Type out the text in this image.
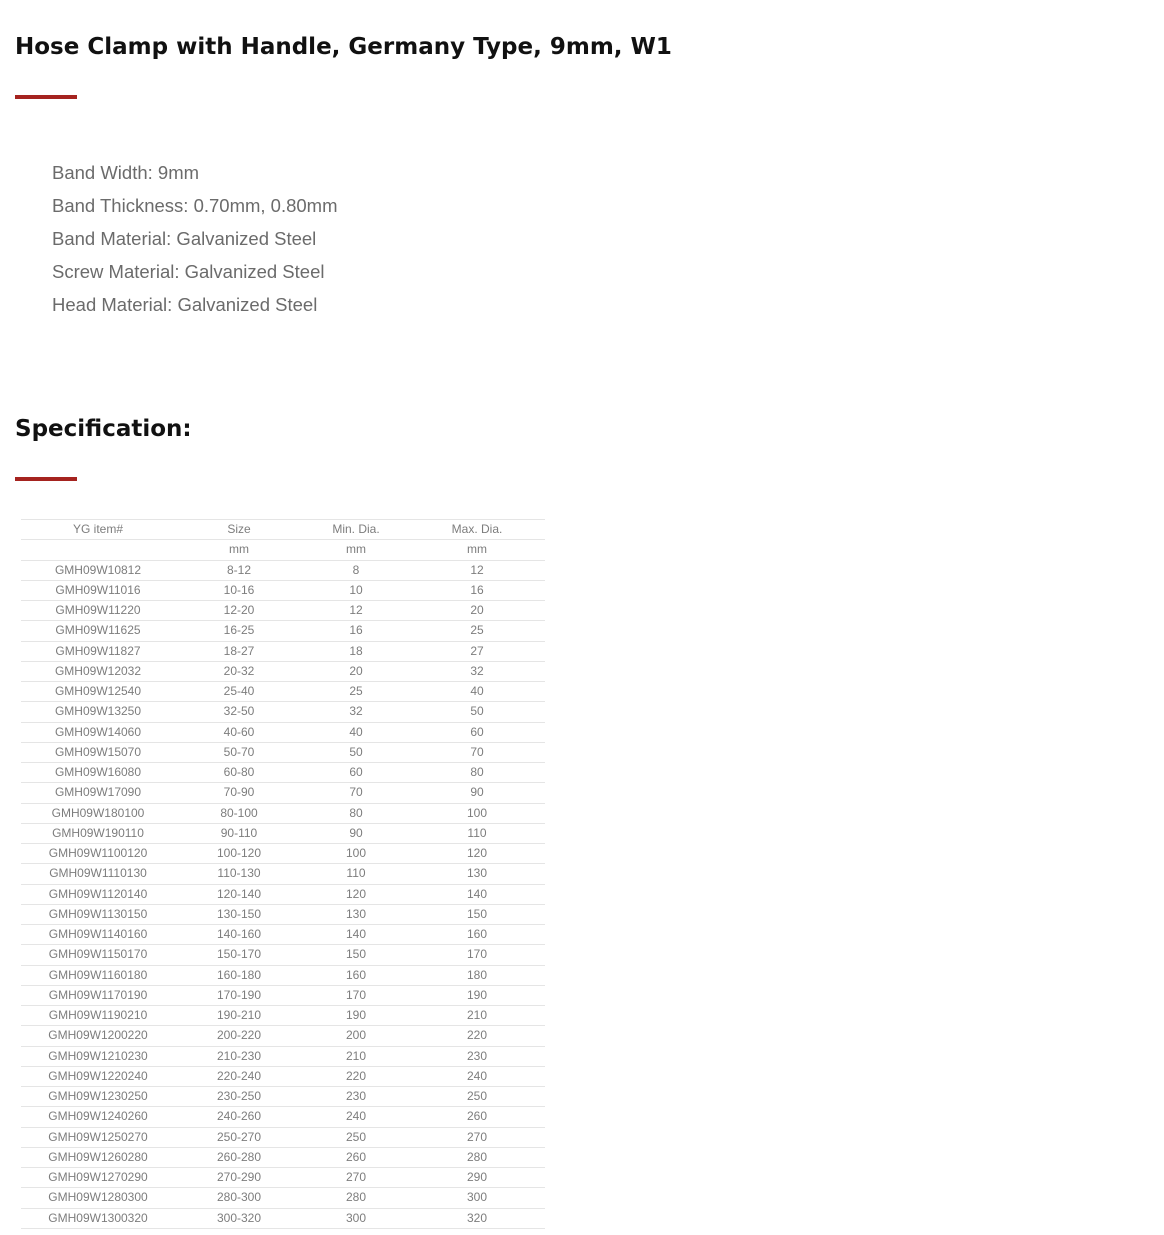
Hose Clamp with Handle, Germany Type, 9mm, W1
Band Width: 9mm
Band Thickness: 0.70mm, 0.80mm
Band Material: Galvanized Steel
Screw Material: Galvanized Steel
Head Material: Galvanized Steel
Specification:
YG item#	Size	Min. Dia.	Max. Dia.
	mm	mm	mm
GMH09W10812	8-12	8	12
GMH09W11016	10-16	10	16
GMH09W11220	12-20	12	20
GMH09W11625	16-25	16	25
GMH09W11827	18-27	18	27
GMH09W12032	20-32	20	32
GMH09W12540	25-40	25	40
GMH09W13250	32-50	32	50
GMH09W14060	40-60	40	60
GMH09W15070	50-70	50	70
GMH09W16080	60-80	60	80
GMH09W17090	70-90	70	90
GMH09W180100	80-100	80	100
GMH09W190110	90-110	90	110
GMH09W1100120	100-120	100	120
GMH09W1110130	110-130	110	130
GMH09W1120140	120-140	120	140
GMH09W1130150	130-150	130	150
GMH09W1140160	140-160	140	160
GMH09W1150170	150-170	150	170
GMH09W1160180	160-180	160	180
GMH09W1170190	170-190	170	190
GMH09W1190210	190-210	190	210
GMH09W1200220	200-220	200	220
GMH09W1210230	210-230	210	230
GMH09W1220240	220-240	220	240
GMH09W1230250	230-250	230	250
GMH09W1240260	240-260	240	260
GMH09W1250270	250-270	250	270
GMH09W1260280	260-280	260	280
GMH09W1270290	270-290	270	290
GMH09W1280300	280-300	280	300
GMH09W1300320	300-320	300	320
